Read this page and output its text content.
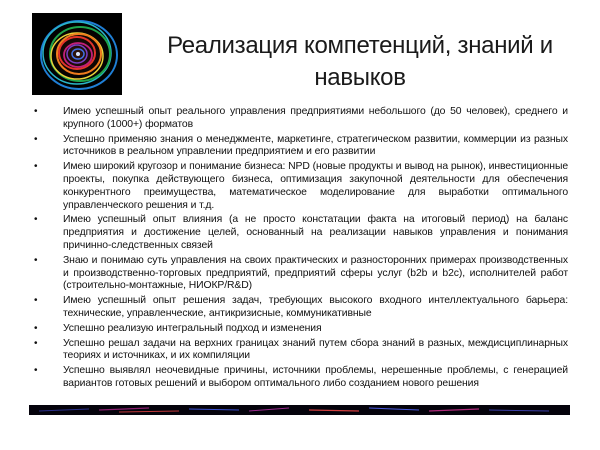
Реализация компетенций, знаний и навыков
•	Имею успешный опыт реального управления предприятиями небольшого (до 50 человек), среднего и крупного (1000+) форматов
•	Успешно применяю знания о менеджменте, маркетинге, стратегическом развитии, коммерции из разных источников в реальном управлении предприятием и его развитии
•	Имею широкий кругозор и понимание бизнеса: NPD (новые продукты и вывод на рынок), инвестиционные проекты, покупка действующего бизнеса, оптимизация закупочной деятельности для обеспечения конкурентного преимущества, математическое моделирование для выработки оптимального управленческого решения и т.д.
•	Имею успешный опыт влияния (а не просто констатации факта на итоговый период) на баланс предприятия и достижение целей, основанный на реализации навыков управления и понимания причинно-следственных связей
•	Знаю и понимаю суть управления на своих практических и разносторонних примерах производственных и производственно-торговых предприятий, предприятий сферы услуг (b2b и b2c), исполнителей работ (строительно-монтажные, НИОКР/R&D)
•	Имею успешный опыт решения задач, требующих высокого входного интеллектуального барьера: технические, управленческие, антикризисные, коммуникативные
•	Успешно реализую интегральный подход и изменения
•	Успешно решал задачи на верхних границах знаний путем сбора знаний в разных, междисциплинарных теориях и источниках, и их компиляции
•	Успешно выявлял неочевидные причины, источники проблемы, нерешенные проблемы, с генерацией вариантов готовых решений и выбором оптимального либо созданием нового решения
